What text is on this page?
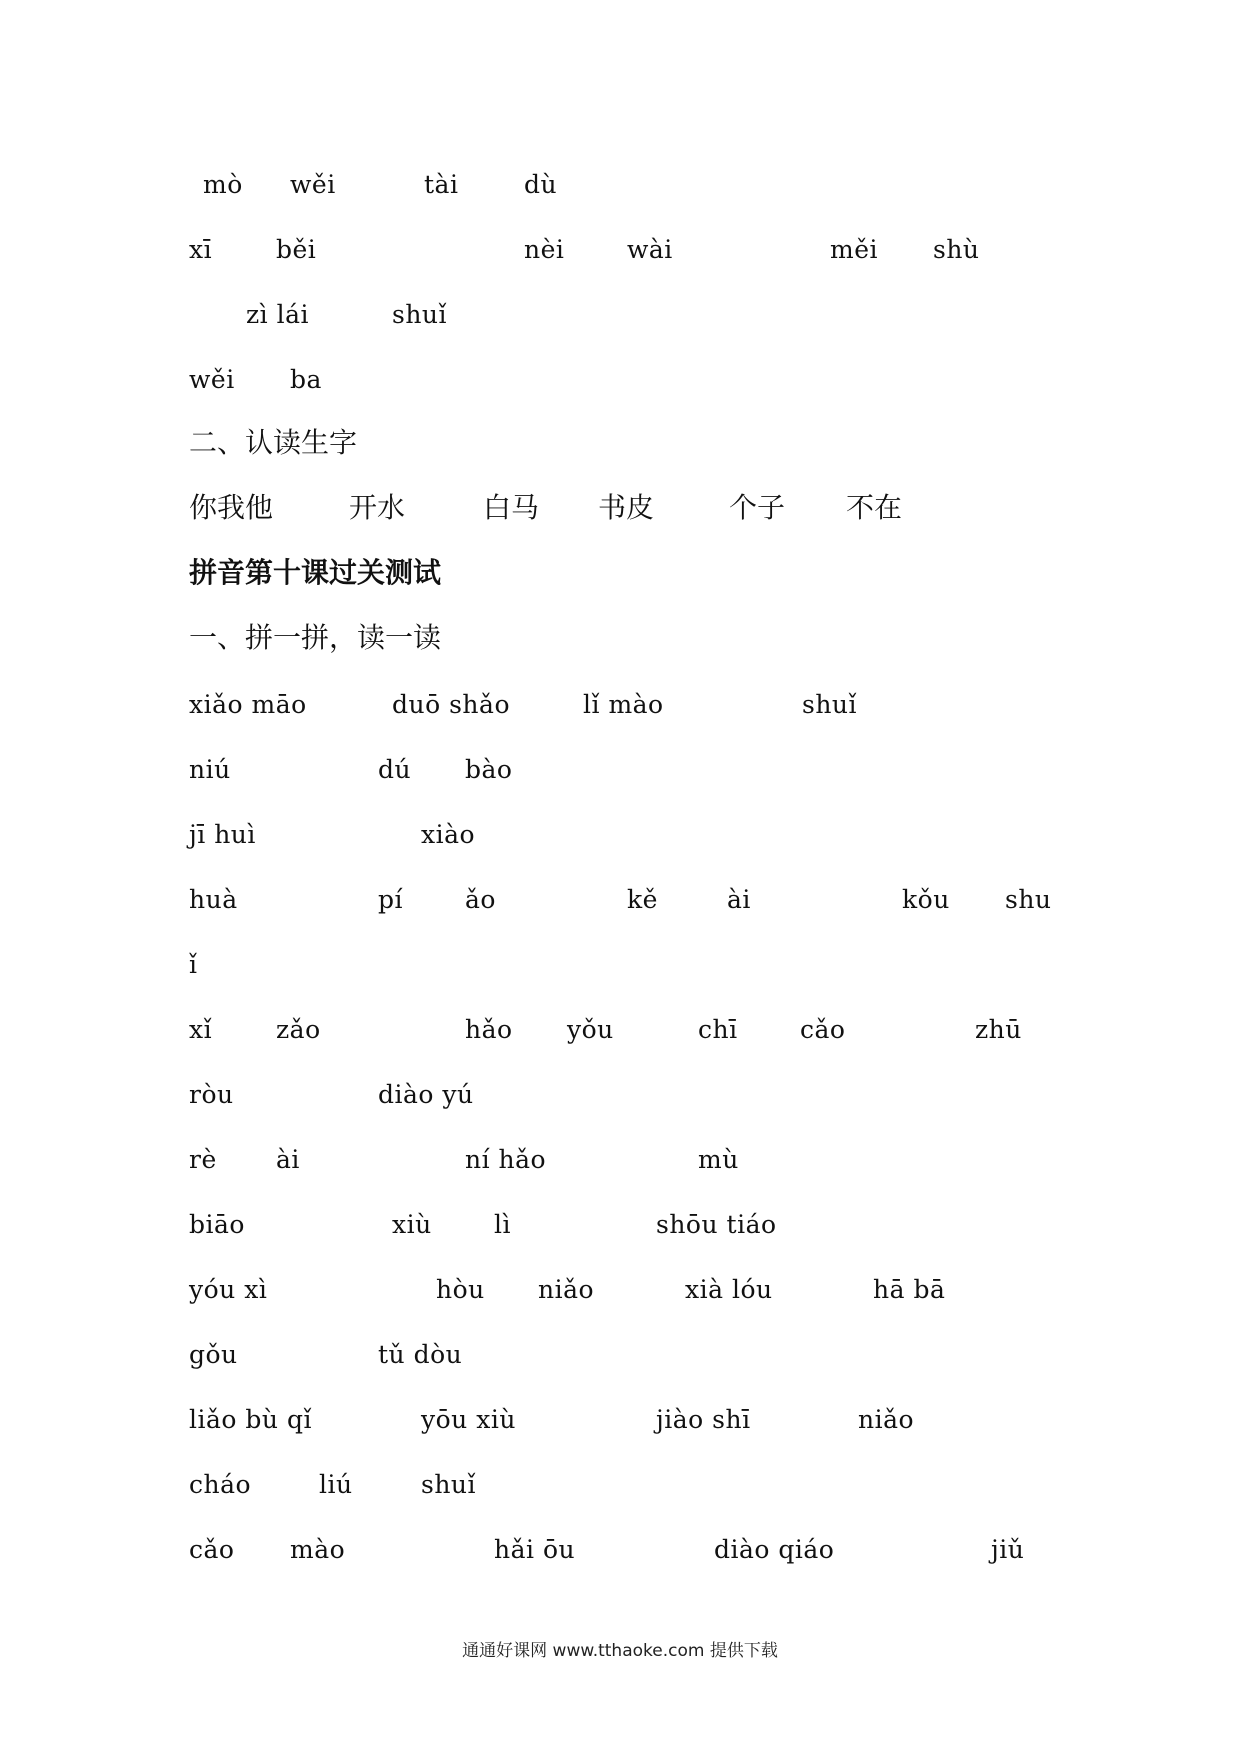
mò wěi	tài	dù
xī	běi	nèi	wài	měi shù
zì lái	shuǐ
wěi ba
二、认读生字
你我他	开水	白马 书皮	个子 不在
拼音第十课过关测试
一、拼一拼，读一读
xiǎo māo	duō shǎo	lǐ mào	shuǐ
niú	dú bào
jī huì	xiào
huà	pí ǎo	kě	ài	kǒu shu
ǐ
xǐ	zǎo	hǎo yǒu	chī cǎo	zhū
ròu	diào yú
rè ài	ní hǎo	mù
biāo	xiù lì	shōu tiáo
yóu xì	hòu niǎo	xià lóu	hā bā
gǒu	tǔ dòu
liǎo bù qǐ	yōu xiù	jiào shī	niǎo
cháo	liú	shuǐ
cǎo mào	hǎi ōu	diào qiáo	jiǔ
通通好课网 www.tthaoke.com 提供下载
